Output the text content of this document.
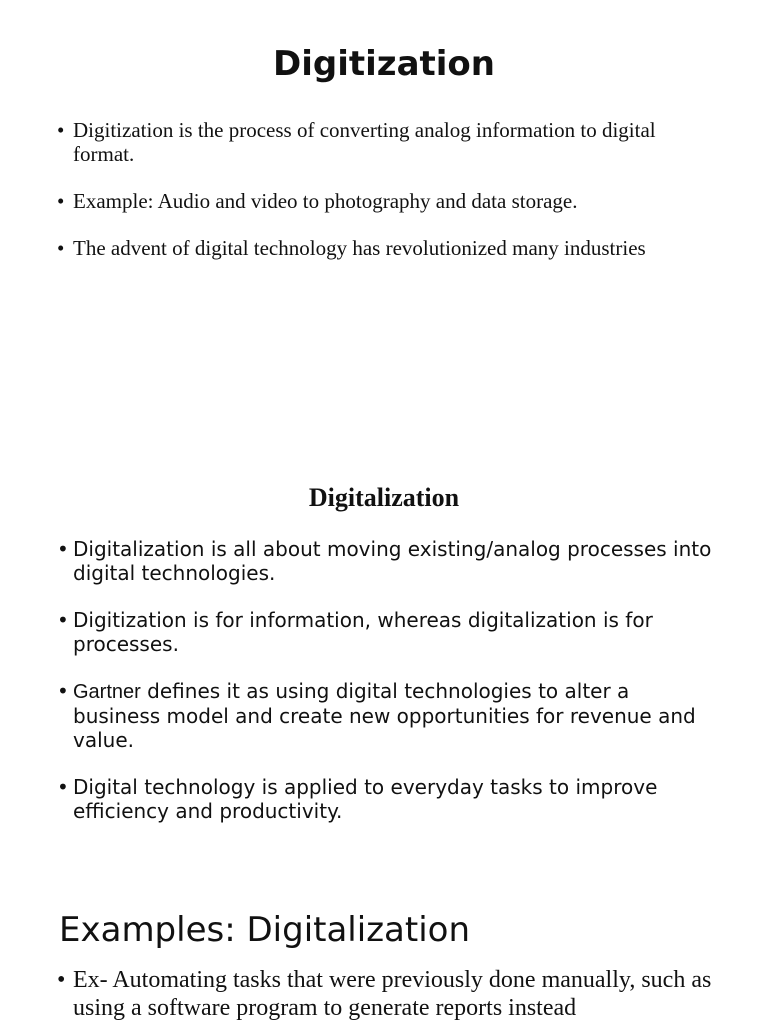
Digitization
• Digitization is the process of converting analog information to digital format.
• Example: Audio and video to photography and data storage.
• The advent of digital technology has revolutionized many industries
Digitalization
• Digitalization is all about moving existing/analog processes into digital technologies.
• Digitization is for information, whereas digitalization is for processes.
• Gartner defines it as using digital technologies to alter a business model and create new opportunities for revenue and value.
• Digital technology is applied to everyday tasks to improve efficiency and productivity.
Examples: Digitalization
• Ex- Automating tasks that were previously done manually, such as using a software program to generate reports instead
